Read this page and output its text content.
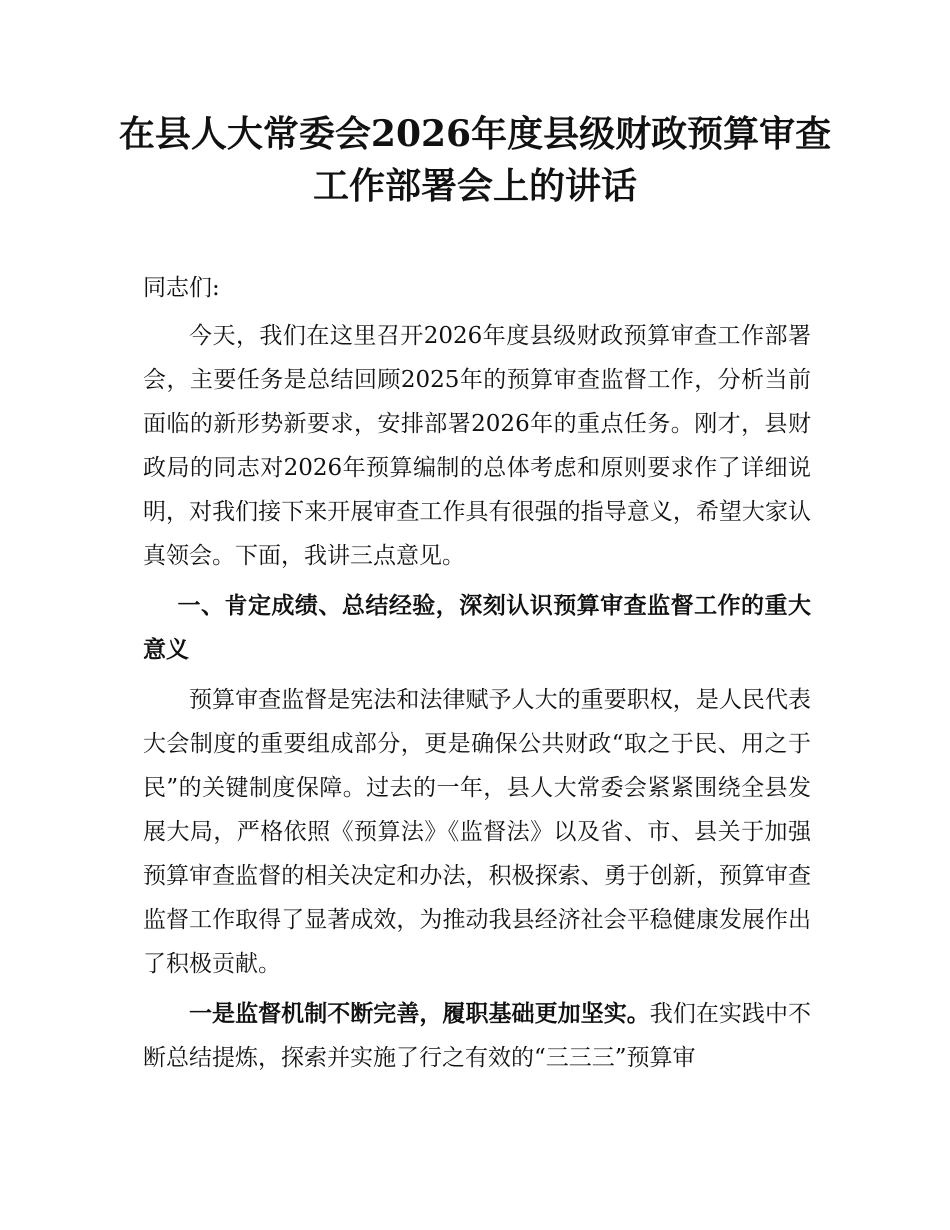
在县人大常委会2026年度县级财政预算审查
工作部署会上的讲话

同志们:

今天，我们在这里召开2026年度县级财政预算审查工作部署会，主要任务是总结回顾2025年的预算审查监督工作，分析当前面临的新形势新要求，安排部署2026年的重点任务。刚才，县财政局的同志对2026年预算编制的总体考虑和原则要求作了详细说明，对我们接下来开展审查工作具有很强的指导意义，希望大家认真领会。下面，我讲三点意见。

一、肯定成绩、总结经验，深刻认识预算审查监督工作的重大意义

预算审查监督是宪法和法律赋予人大的重要职权，是人民代表大会制度的重要组成部分，更是确保公共财政“取之于民、用之于民”的关键制度保障。过去的一年，县人大常委会紧紧围绕全县发展大局，严格依照《预算法》《监督法》以及省、市、县关于加强预算审查监督的相关决定和办法，积极探索、勇于创新，预算审查监督工作取得了显著成效，为推动我县经济社会平稳健康发展作出了积极贡献。

一是监督机制不断完善，履职基础更加坚实。我们在实践中不断总结提炼，探索并实施了行之有效的“三三三”预算审
